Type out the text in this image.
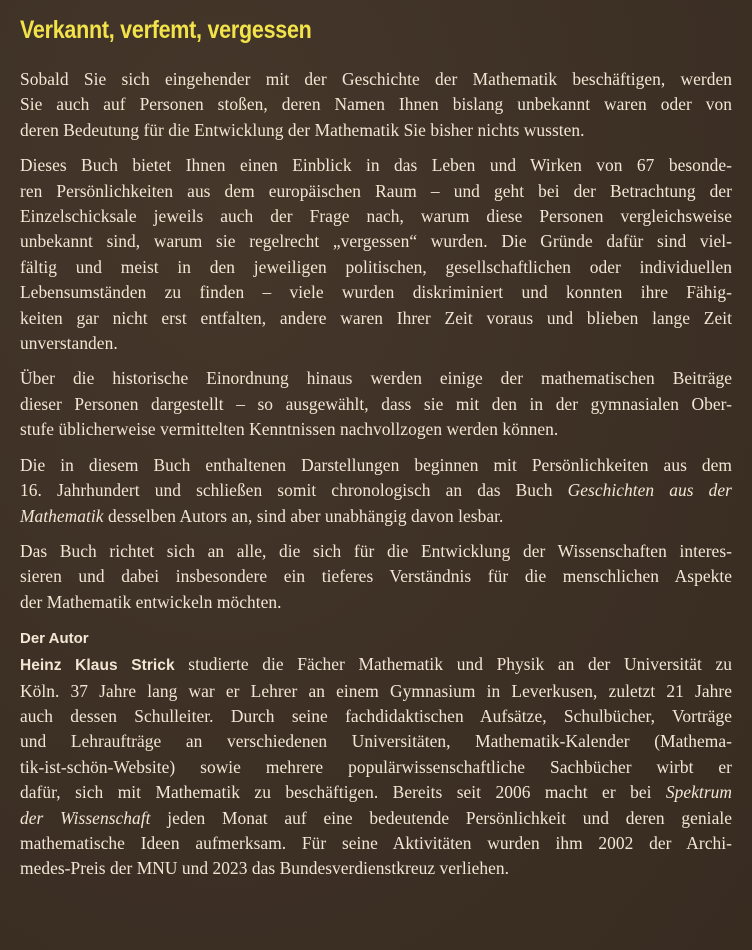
Verkannt, verfemt, vergessen

Sobald Sie sich eingehender mit der Geschichte der Mathematik beschäftigen, werden
Sie auch auf Personen stoßen, deren Namen Ihnen bislang unbekannt waren oder von
deren Bedeutung für die Entwicklung der Mathematik Sie bisher nichts wussten.

Dieses Buch bietet Ihnen einen Einblick in das Leben und Wirken von 67 besonde-
ren Persönlichkeiten aus dem europäischen Raum – und geht bei der Betrachtung der
Einzelschicksale jeweils auch der Frage nach, warum diese Personen vergleichsweise
unbekannt sind, warum sie regelrecht „vergessen“ wurden. Die Gründe dafür sind viel-
fältig und meist in den jeweiligen politischen, gesellschaftlichen oder individuellen
Lebensumständen zu finden – viele wurden diskriminiert und konnten ihre Fähig-
keiten gar nicht erst entfalten, andere waren Ihrer Zeit voraus und blieben lange Zeit
unverstanden.

Über die historische Einordnung hinaus werden einige der mathematischen Beiträge
dieser Personen dargestellt – so ausgewählt, dass sie mit den in der gymnasialen Ober-
stufe üblicherweise vermittelten Kenntnissen nachvollzogen werden können.

Die in diesem Buch enthaltenen Darstellungen beginnen mit Persönlichkeiten aus dem
16. Jahrhundert und schließen somit chronologisch an das Buch Geschichten aus der
Mathematik desselben Autors an, sind aber unabhängig davon lesbar.

Das Buch richtet sich an alle, die sich für die Entwicklung der Wissenschaften interes-
sieren und dabei insbesondere ein tieferes Verständnis für die menschlichen Aspekte
der Mathematik entwickeln möchten.

Der Autor

Heinz Klaus Strick studierte die Fächer Mathematik und Physik an der Universität zu
Köln. 37 Jahre lang war er Lehrer an einem Gymnasium in Leverkusen, zuletzt 21 Jahre
auch dessen Schulleiter. Durch seine fachdidaktischen Aufsätze, Schulbücher, Vorträge
und Lehraufträge an verschiedenen Universitäten, Mathematik-Kalender (Mathema-
tik-ist-schön-Website) sowie mehrere populärwissenschaftliche Sachbücher wirbt er
dafür, sich mit Mathematik zu beschäftigen. Bereits seit 2006 macht er bei Spektrum
der Wissenschaft jeden Monat auf eine bedeutende Persönlichkeit und deren geniale
mathematische Ideen aufmerksam. Für seine Aktivitäten wurden ihm 2002 der Archi-
medes-Preis der MNU und 2023 das Bundesverdienstkreuz verliehen.
